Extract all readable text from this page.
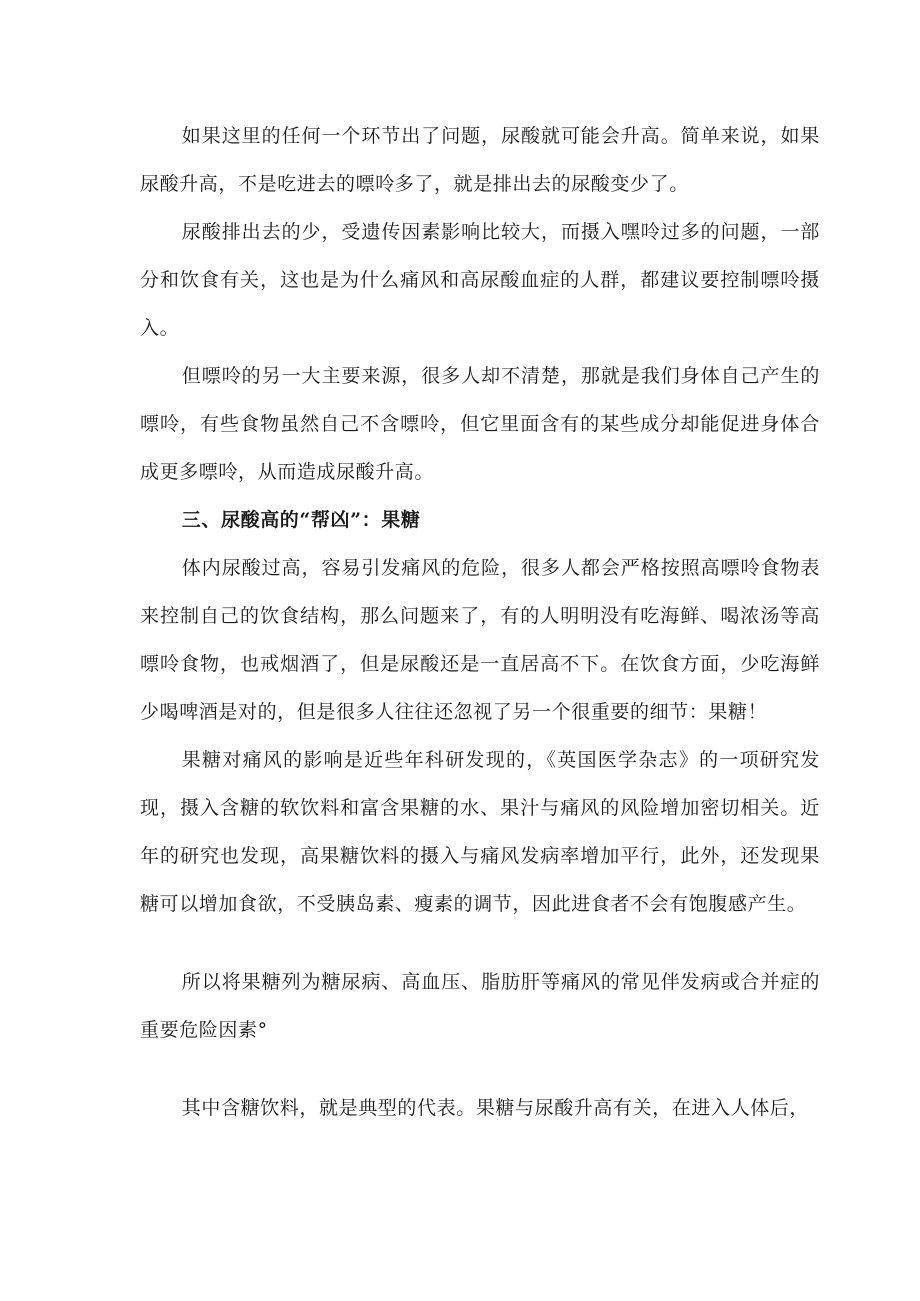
如果这里的任何一个环节出了问题，尿酸就可能会升高。简单来说，如果尿酸升高，不是吃进去的嘌呤多了，就是排出去的尿酸变少了。

尿酸排出去的少，受遗传因素影响比较大，而摄入嘿呤过多的问题，一部分和饮食有关，这也是为什么痛风和高尿酸血症的人群，都建议要控制嘌呤摄入。

但嘌呤的另一大主要来源，很多人却不清楚，那就是我们身体自己产生的嘌呤，有些食物虽然自己不含嘌呤，但它里面含有的某些成分却能促进身体合成更多嘌呤，从而造成尿酸升高。

三、尿酸高的“帮凶”：果糖

体内尿酸过高，容易引发痛风的危险，很多人都会严格按照高嘌呤食物表来控制自己的饮食结构，那么问题来了，有的人明明没有吃海鲜、喝浓汤等高嘌呤食物，也戒烟酒了，但是尿酸还是一直居高不下。在饮食方面，少吃海鲜少喝啤酒是对的，但是很多人往往还忽视了另一个很重要的细节：果糖！

果糖对痛风的影响是近些年科研发现的，《英国医学杂志》的一项研究发现，摄入含糖的软饮料和富含果糖的水、果汁与痛风的风险增加密切相关。近年的研究也发现，高果糖饮料的摄入与痛风发病率增加平行，此外，还发现果糖可以增加食欲，不受胰岛素、瘦素的调节，因此进食者不会有饱腹感产生。

所以将果糖列为糖尿病、高血压、脂肪肝等痛风的常见伴发病或合并症的重要危险因素°

其中含糖饮料，就是典型的代表。果糖与尿酸升高有关，在进入人体后，
